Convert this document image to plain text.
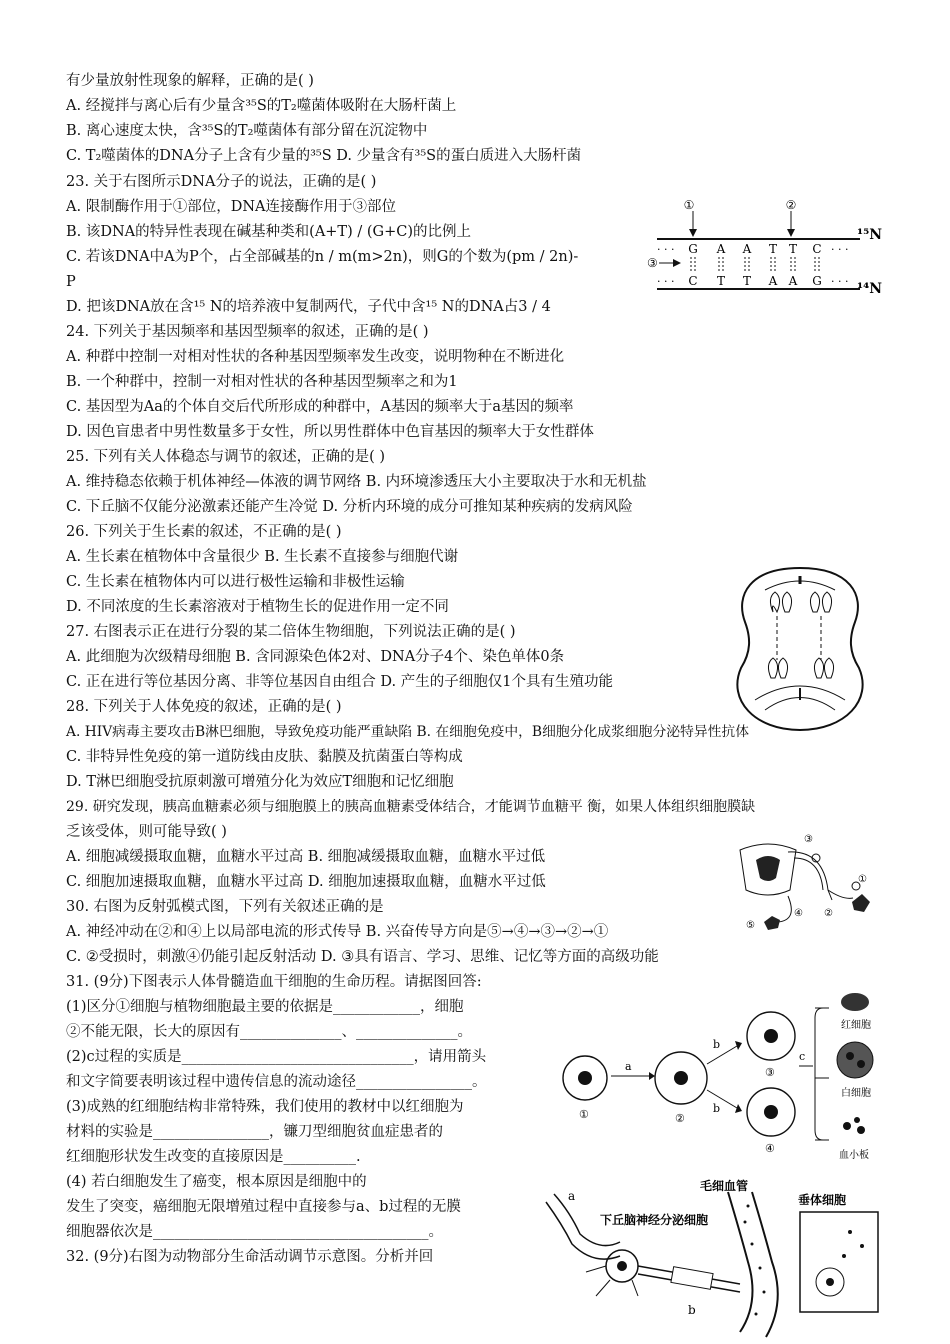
有少量放射性现象的解释，正确的是( )
A. 经搅拌与离心后有少量含³⁵S的T₂噬菌体吸附在大肠杆菌上
B. 离心速度太快，含³⁵S的T₂噬菌体有部分留在沉淀物中
C. T₂噬菌体的DNA分子上含有少量的³⁵S D. 少量含有³⁵S的蛋白质进入大肠杆菌
23. 关于右图所示DNA分子的说法，正确的是( )
A. 限制酶作用于①部位，DNA连接酶作用于③部位
B. 该DNA的特异性表现在碱基种类和(A+T) / (G+C)的比例上
C. 若该DNA中A为P个，占全部碱基的n / m(m>2n)，则G的个数为(pm / 2n)-
P
D. 把该DNA放在含¹⁵ N的培养液中复制两代，子代中含¹⁵ N的DNA占3 / 4
24. 下列关于基因频率和基因型频率的叙述，正确的是( )
A. 种群中控制一对相对性状的各种基因型频率发生改变，说明物种在不断进化
B. 一个种群中，控制一对相对性状的各种基因型频率之和为1
C. 基因型为Aa的个体自交后代所形成的种群中，A基因的频率大于a基因的频率
D. 因色盲患者中男性数量多于女性，所以男性群体中色盲基因的频率大于女性群体
25. 下列有关人体稳态与调节的叙述，正确的是( )
A. 维持稳态依赖于机体神经—体液的调节网络 B. 内环境渗透压大小主要取决于水和无机盐
C. 下丘脑不仅能分泌激素还能产生冷觉 D. 分析内环境的成分可推知某种疾病的发病风险
26. 下列关于生长素的叙述，不正确的是( )
A. 生长素在植物体中含量很少 B. 生长素不直接参与细胞代谢
C. 生长素在植物体内可以进行极性运输和非极性运输
D. 不同浓度的生长素溶液对于植物生长的促进作用一定不同
27. 右图表示正在进行分裂的某二倍体生物细胞，下列说法正确的是( )
A. 此细胞为次级精母细胞 B. 含同源染色体2对、DNA分子4个、染色单体0条
C. 正在进行等位基因分离、非等位基因自由组合 D. 产生的子细胞仅1个具有生殖功能
28. 下列关于人体免疫的叙述，正确的是( )
A. HIV病毒主要攻击B淋巴细胞，导致免疫功能严重缺陷 B. 在细胞免疫中，B细胞分化成浆细胞分泌特异性抗体
C. 非特异性免疫的第一道防线由皮肤、黏膜及抗菌蛋白等构成
D. T淋巴细胞受抗原刺激可增殖分化为效应T细胞和记忆细胞
29. 研究发现，胰高血糖素必须与细胞膜上的胰高血糖素受体结合，才能调节血糖平 衡，如果人体组织细胞膜缺
乏该受体，则可能导致( )
A. 细胞减缓摄取血糖，血糖水平过高 B. 细胞减缓摄取血糖，血糖水平过低
C. 细胞加速摄取血糖，血糖水平过高 D. 细胞加速摄取血糖，血糖水平过低
30. 右图为反射弧模式图，下列有关叙述正确的是
A. 神经冲动在②和④上以局部电流的形式传导 B. 兴奋传导方向是⑤→④→③→②→①
C. ②受损时，刺激④仍能引起反射活动 D. ③具有语言、学习、思维、记忆等方面的高级功能
31. (9分)下图表示人体骨髓造血干细胞的生命历程。请据图回答:
(1)区分①细胞与植物细胞最主要的依据是____________，细胞
②不能无限，长大的原因有______________、______________。
(2)c过程的实质是________________________________，请用箭头
和文字简要表明该过程中遗传信息的流动途径________________。
(3)成熟的红细胞结构非常特殊，我们使用的教材中以红细胞为
材料的实验是________________，镰刀型细胞贫血症患者的
红细胞形状发生改变的直接原因是__________.
(4) 若白细胞发生了癌变，根本原因是细胞中的
发生了突变，癌细胞无限增殖过程中直接参与a、b过程的无膜
细胞器依次是______________________________________。
32. (9分)右图为动物部分生命活动调节示意图。分析并回
①	②
③
· · ·
· · ·
· · ·
· · ·
G A A T T C
C T T A A G
¹⁵N
¹⁴N
③
①
②
④
⑤
①
a
②
b
b
③
④
c
红细胞
白细胞
血小板
毛细血管
垂体细胞
下丘脑神经分泌细胞
a
b
